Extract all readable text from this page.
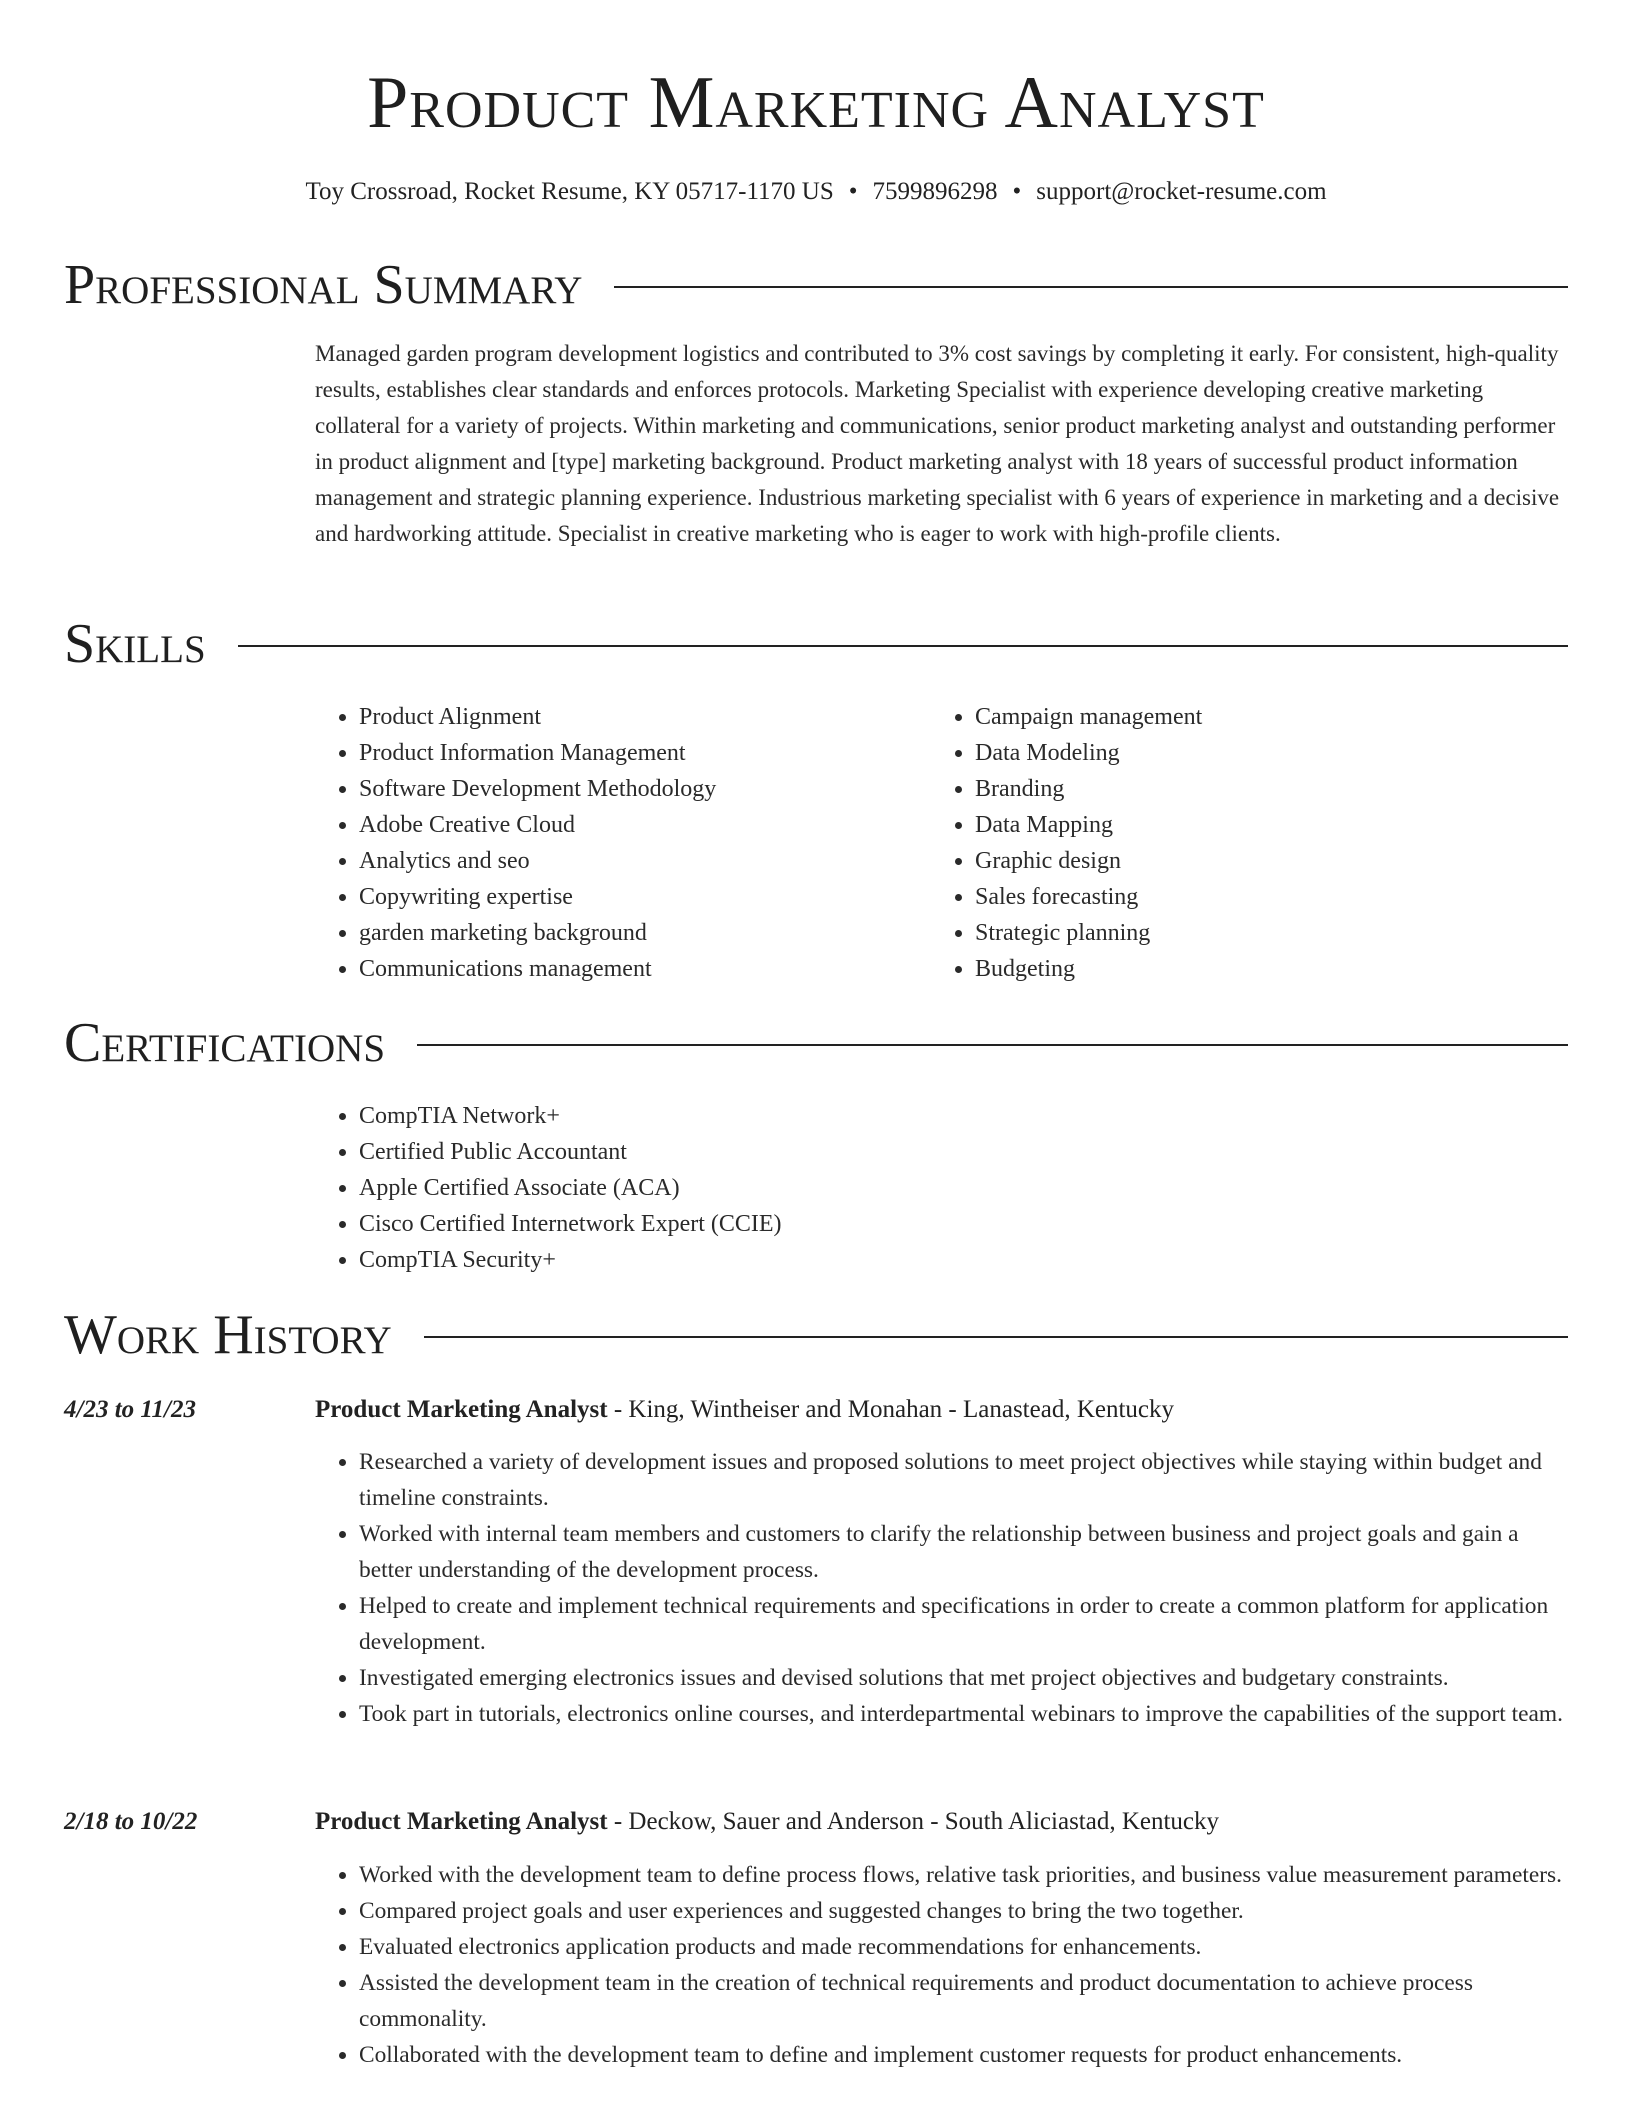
Product Marketing Analyst
Toy Crossroad, Rocket Resume, KY 05717-1170 US • 7599896298 • support@rocket-resume.com
Professional Summary

Managed garden program development logistics and contributed to 3% cost savings by completing it early. For consistent, high-quality results, establishes clear standards and enforces protocols. Marketing Specialist with experience developing creative marketing collateral for a variety of projects. Within marketing and communications, senior product marketing analyst and outstanding performer in product alignment and [type] marketing background. Product marketing analyst with 18 years of successful product information management and strategic planning experience. Industrious marketing specialist with 6 years of experience in marketing and a decisive and hardworking attitude. Specialist in creative marketing who is eager to work with high-profile clients.

Skills
• Product Alignment
• Product Information Management
• Software Development Methodology
• Adobe Creative Cloud
• Analytics and seo
• Copywriting expertise
• garden marketing background
• Communications management
• Campaign management
• Data Modeling
• Branding
• Data Mapping
• Graphic design
• Sales forecasting
• Strategic planning
• Budgeting
Certifications
• CompTIA Network+
• Certified Public Accountant
• Apple Certified Associate (ACA)
• Cisco Certified Internetwork Expert (CCIE)
• CompTIA Security+
Work History
4/23 to 11/23	Product Marketing Analyst - King, Wintheiser and Monahan - Lanastead, Kentucky
• Researched a variety of development issues and proposed solutions to meet project objectives while staying within budget and timeline constraints.
• Worked with internal team members and customers to clarify the relationship between business and project goals and gain a better understanding of the development process.
• Helped to create and implement technical requirements and specifications in order to create a common platform for application development.
• Investigated emerging electronics issues and devised solutions that met project objectives and budgetary constraints.
• Took part in tutorials, electronics online courses, and interdepartmental webinars to improve the capabilities of the support team.
2/18 to 10/22	Product Marketing Analyst - Deckow, Sauer and Anderson - South Aliciastad, Kentucky
• Worked with the development team to define process flows, relative task priorities, and business value measurement parameters.
• Compared project goals and user experiences and suggested changes to bring the two together.
• Evaluated electronics application products and made recommendations for enhancements.
• Assisted the development team in the creation of technical requirements and product documentation to achieve process commonality.
• Collaborated with the development team to define and implement customer requests for product enhancements.
